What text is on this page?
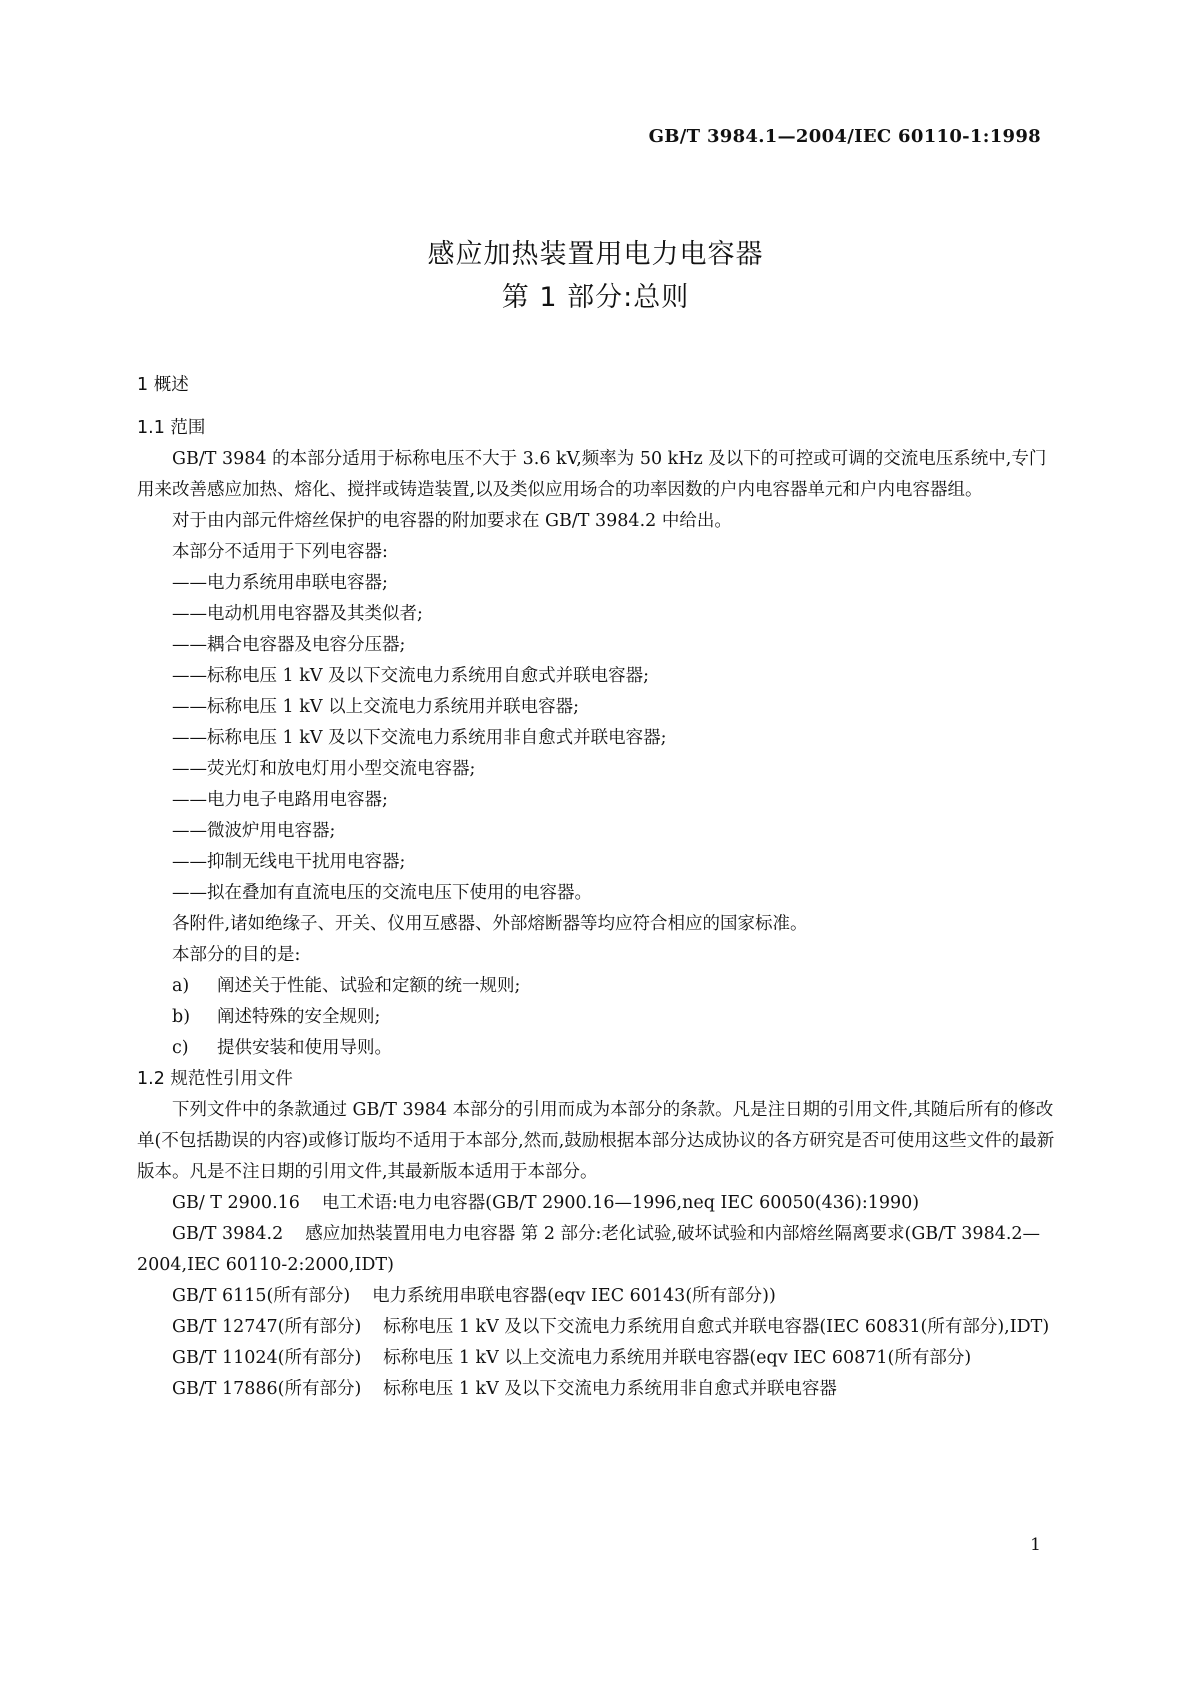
GB/T 3984.1—2004/IEC 60110-1:1998
感应加热装置用电力电容器
第 1 部分:总则
1 概述
1.1 范围
GB/T 3984 的本部分适用于标称电压不大于 3.6 kV,频率为 50 kHz 及以下的可控或可调的交流电压系统中,专门用来改善感应加热、熔化、搅拌或铸造装置,以及类似应用场合的功率因数的户内电容器单元和户内电容器组。
对于由内部元件熔丝保护的电容器的附加要求在 GB/T 3984.2 中给出。
本部分不适用于下列电容器:
——电力系统用串联电容器;
——电动机用电容器及其类似者;
——耦合电容器及电容分压器;
——标称电压 1 kV 及以下交流电力系统用自愈式并联电容器;
——标称电压 1 kV 以上交流电力系统用并联电容器;
——标称电压 1 kV 及以下交流电力系统用非自愈式并联电容器;
——荧光灯和放电灯用小型交流电容器;
——电力电子电路用电容器;
——微波炉用电容器;
——抑制无线电干扰用电容器;
——拟在叠加有直流电压的交流电压下使用的电容器。
各附件,诸如绝缘子、开关、仪用互感器、外部熔断器等均应符合相应的国家标准。
本部分的目的是:
a) 阐述关于性能、试验和定额的统一规则;
b) 阐述特殊的安全规则;
c) 提供安装和使用导则。
1.2 规范性引用文件
下列文件中的条款通过 GB/T 3984 本部分的引用而成为本部分的条款。凡是注日期的引用文件,其随后所有的修改单(不包括勘误的内容)或修订版均不适用于本部分,然而,鼓励根据本部分达成协议的各方研究是否可使用这些文件的最新版本。凡是不注日期的引用文件,其最新版本适用于本部分。
GB/ T 2900.16 电工术语:电力电容器(GB/T 2900.16—1996,neq IEC 60050(436):1990)
GB/T 3984.2 感应加热装置用电力电容器 第 2 部分:老化试验,破坏试验和内部熔丝隔离要求(GB/T 3984.2—2004,IEC 60110-2:2000,IDT)
GB/T 6115(所有部分) 电力系统用串联电容器(eqv IEC 60143(所有部分))
GB/T 12747(所有部分) 标称电压 1 kV 及以下交流电力系统用自愈式并联电容器(IEC 60831(所有部分),IDT)
GB/T 11024(所有部分) 标称电压 1 kV 以上交流电力系统用并联电容器(eqv IEC 60871(所有部分)
GB/T 17886(所有部分) 标称电压 1 kV 及以下交流电力系统用非自愈式并联电容器
1
